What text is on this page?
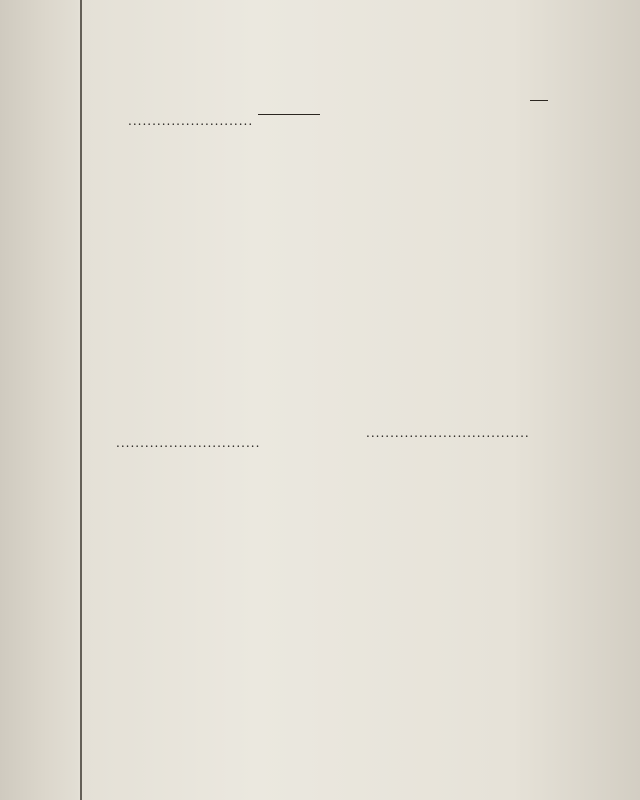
..........................
..............................
..................................
